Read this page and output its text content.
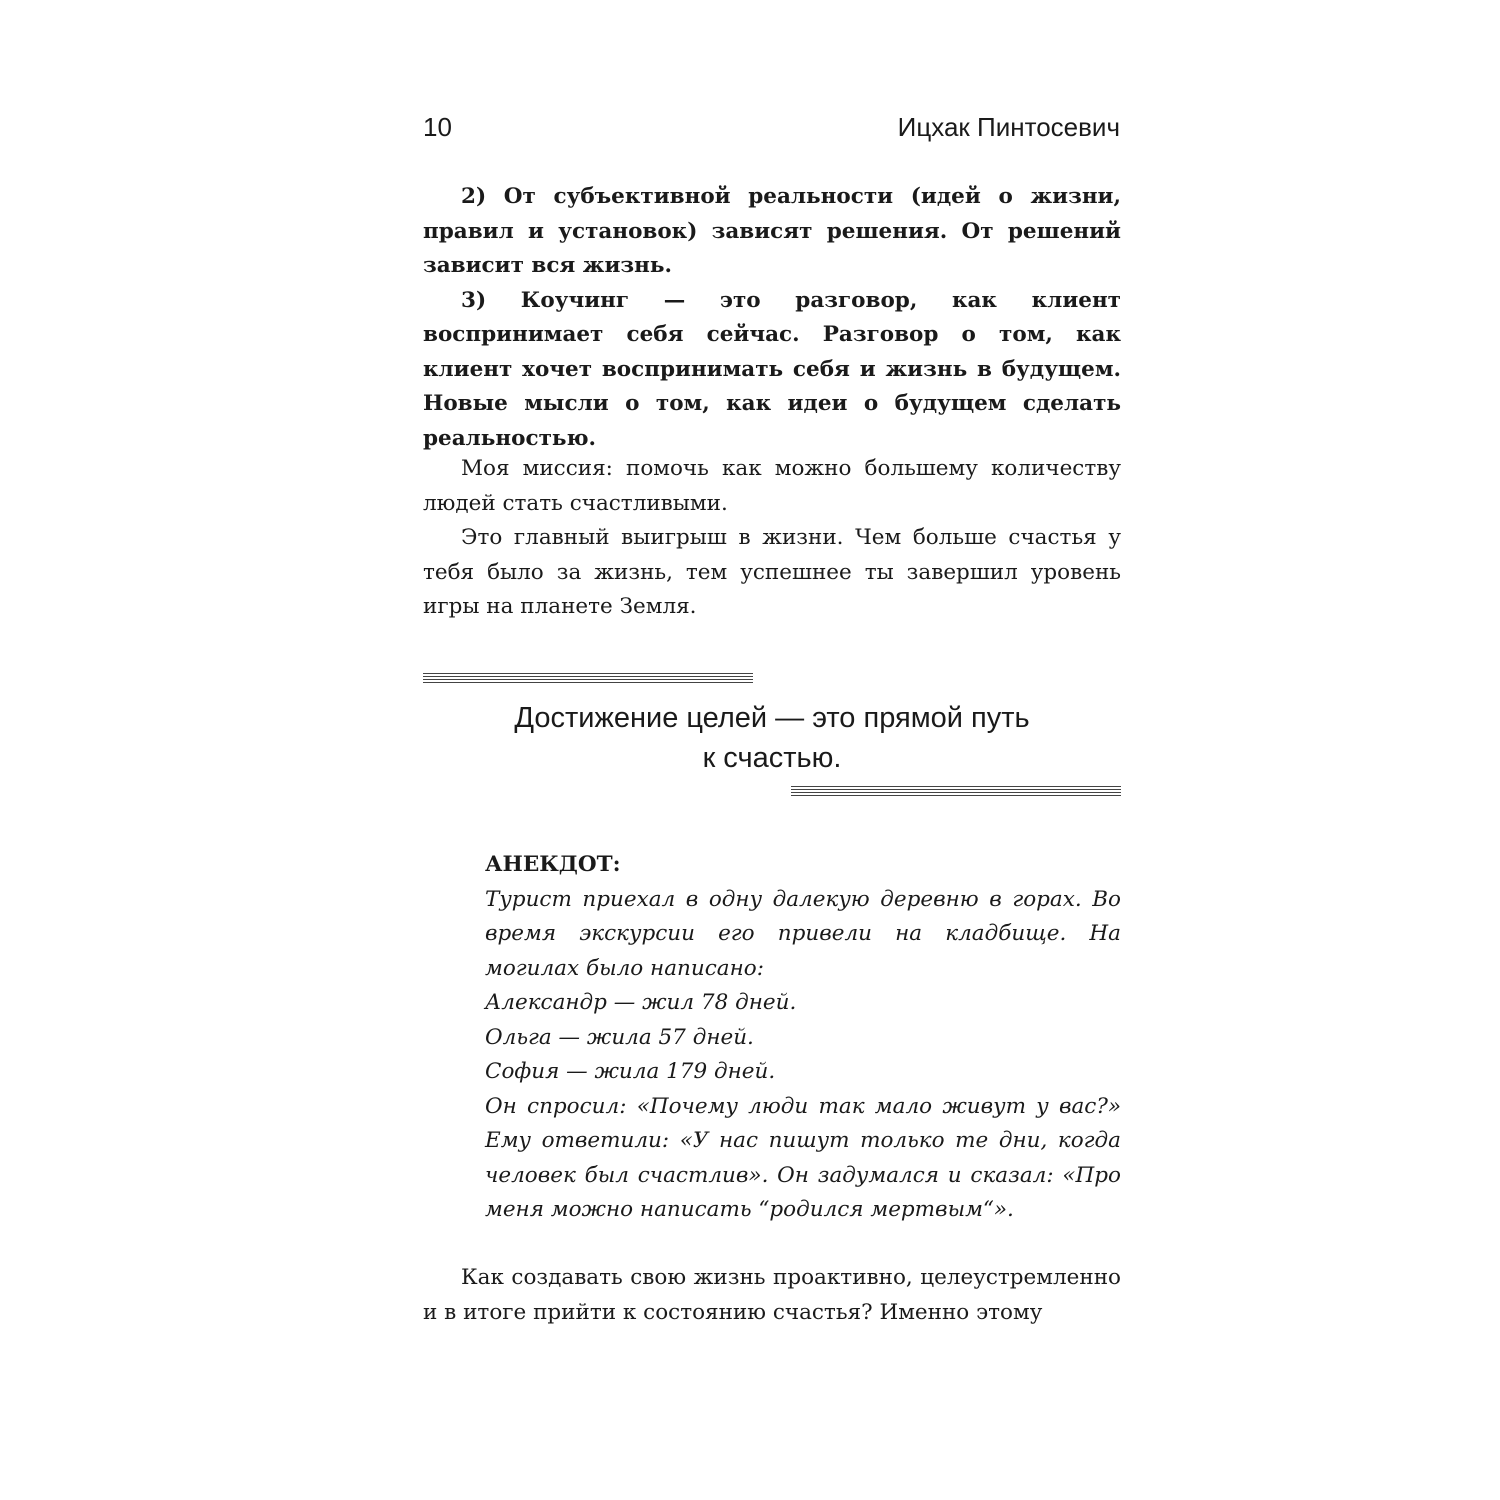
10	Ицхак Пинтосевич

2) От субъективной реальности (идей о жизни, правил и установок) зависят решения. От решений зависит вся жизнь.

3) Коучинг — это разговор, как клиент воспринимает себя сейчас. Разговор о том, как клиент хочет воспринимать себя и жизнь в будущем. Новые мысли о том, как идеи о будущем сделать реальностью.

Моя миссия: помочь как можно большему количеству людей стать счастливыми.

Это главный выигрыш в жизни. Чем больше счастья у тебя было за жизнь, тем успешнее ты завершил уровень игры на планете Земля.

Достижение целей — это прямой путь
к счастью.

АНЕКДОТ:

Турист приехал в одну далекую деревню в горах. Во время экскурсии его привели на кладбище. На могилах было написано:

Александр — жил 78 дней.

Ольга — жила 57 дней.

София — жила 179 дней.

Он спросил: «Почему люди так мало живут у вас?» Ему ответили: «У нас пишут только те дни, когда человек был счастлив». Он задумался и сказал: «Про меня можно написать “родился мертвым“».

Как создавать свою жизнь проактивно, целеустремленно и в итоге прийти к состоянию счастья? Именно этому
